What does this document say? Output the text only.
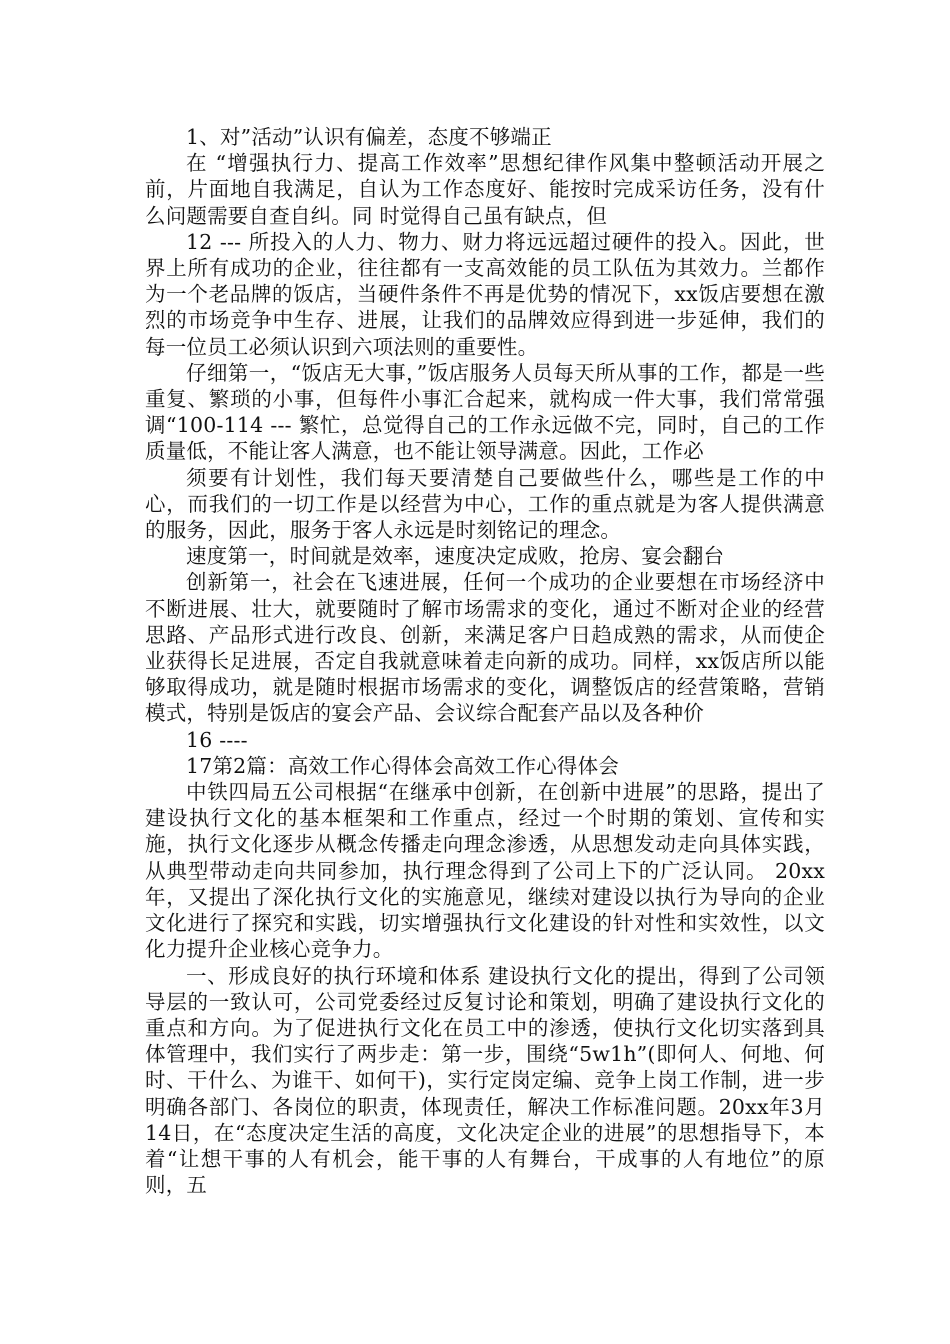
1、对”活动”认识有偏差，态度不够端正

在 “增强执行力、提高工作效率”思想纪律作风集中整顿活动开展之前，片面地自我满足，自认为工作态度好、能按时完成采访任务，没有什么问题需要自查自纠。同 时觉得自己虽有缺点，但

12 --- 所投入的人力、物力、财力将远远超过硬件的投入。因此，世界上所有成功的企业，往往都有一支高效能的员工队伍为其效力。兰都作为一个老品牌的饭店，当硬件条件不再是优势的情况下，xx饭店要想在激烈的市场竞争中生存、进展，让我们的品牌效应得到进一步延伸，我们的每一位员工必须认识到六项法则的重要性。

仔细第一，“饭店无大事，”饭店服务人员每天所从事的工作，都是一些重复、繁琐的小事，但每件小事汇合起来，就构成一件大事，我们常常强调“100-114 --- 繁忙，总觉得自己的工作永远做不完，同时，自己的工作质量低，不能让客人满意，也不能让领导满意。因此，工作必

须要有计划性，我们每天要清楚自己要做些什么，哪些是工作的中心，而我们的一切工作是以经营为中心，工作的重点就是为客人提供满意的服务，因此，服务于客人永远是时刻铭记的理念。

速度第一，时间就是效率，速度决定成败，抢房、宴会翻台

创新第一，社会在飞速进展，任何一个成功的企业要想在市场经济中不断进展、壮大，就要随时了解市场需求的变化，通过不断对企业的经营思路、产品形式进行改良、创新，来满足客户日趋成熟的需求，从而使企业获得长足进展，否定自我就意味着走向新的成功。同样，xx饭店所以能够取得成功，就是随时根据市场需求的变化，调整饭店的经营策略，营销模式，特别是饭店的宴会产品、会议综合配套产品以及各种价

16 ----

17第2篇：高效工作心得体会高效工作心得体会

中铁四局五公司根据“在继承中创新，在创新中进展”的思路，提出了建设执行文化的基本框架和工作重点，经过一个时期的策划、宣传和实施，执行文化逐步从概念传播走向理念渗透，从思想发动走向具体实践，从典型带动走向共同参加，执行理念得到了公司上下的广泛认同。 20xx年，又提出了深化执行文化的实施意见，继续对建设以执行为导向的企业文化进行了探究和实践，切实增强执行文化建设的针对性和实效性，以文化力提升企业核心竞争力。

一、形成良好的执行环境和体系 建设执行文化的提出，得到了公司领导层的一致认可，公司党委经过反复讨论和策划，明确了建设执行文化的重点和方向。为了促进执行文化在员工中的渗透，使执行文化切实落到具体管理中，我们实行了两步走：第一步，围绕“5w1h”(即何人、何地、何时、干什么、为谁干、如何干)，实行定岗定编、竞争上岗工作制，进一步明确各部门、各岗位的职责，体现责任，解决工作标准问题。20xx年3月14日，在“态度决定生活的高度，文化决定企业的进展”的思想指导下，本着“让想干事的人有机会，能干事的人有舞台，干成事的人有地位”的原则，五
